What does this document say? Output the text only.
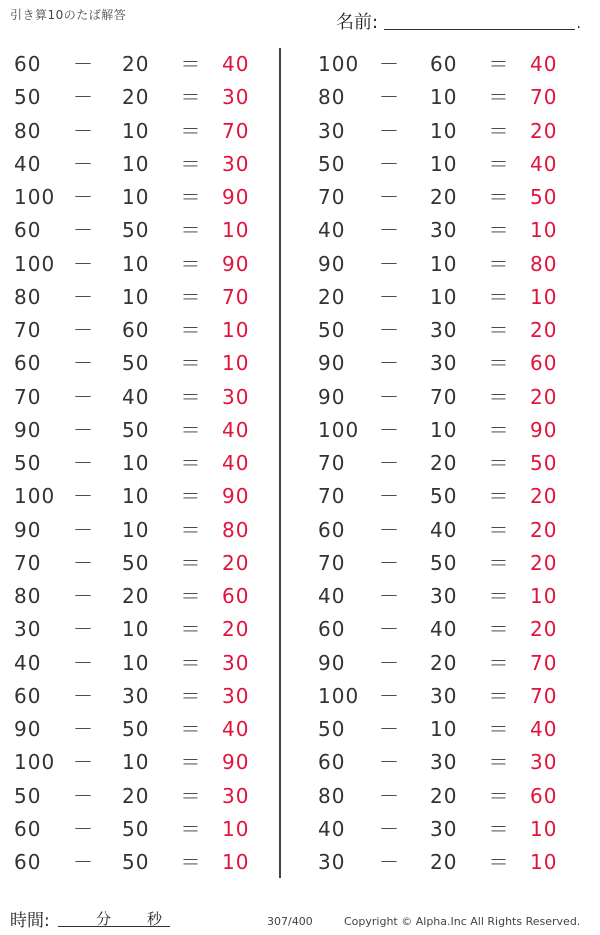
引き算10のたば解答	名前:	.
60	－ 20	＝ 40
50	－ 20	＝ 30
80	－ 10	＝ 70
40	－ 10	＝ 30
100 － 10	＝ 90
60	－ 50	＝ 10
100 － 10	＝ 90
80	－ 10	＝ 70
70	－ 60	＝ 10
60	－ 50	＝ 10
70	－ 40	＝ 30
90	－ 50	＝ 40
50	－ 10	＝ 40
100 － 10	＝ 90
90	－ 10	＝ 80
70	－ 50	＝ 20
80	－ 20	＝ 60
30	－ 10	＝ 20
40	－ 10	＝ 30
60	－ 30	＝ 30
90	－ 50	＝ 40
100 － 10	＝ 90
50	－ 20	＝ 30
60	－ 50	＝ 10
60	－ 50	＝ 10
100 － 60	＝ 40
80	－ 10	＝ 70
30	－ 10	＝ 20
50	－ 10	＝ 40
70	－ 20	＝ 50
40	－ 30	＝ 10
90	－ 10	＝ 80
20	－ 10	＝ 10
50	－ 30	＝ 20
90	－ 30	＝ 60
90	－ 70	＝ 20
100 － 10	＝ 90
70	－ 20	＝ 50
70	－ 50	＝ 20
60	－ 40	＝ 20
70	－ 50	＝ 20
40	－ 30	＝ 10
60	－ 40	＝ 20
90	－ 20	＝ 70
100 － 30	＝ 70
50	－ 10	＝ 40
60	－ 30	＝ 30
80	－ 20	＝ 60
40	－ 30	＝ 10
30	－ 20	＝ 10
時間:	分 秒	307/400	Copyright © Alpha.Inc All Rights Reserved.
